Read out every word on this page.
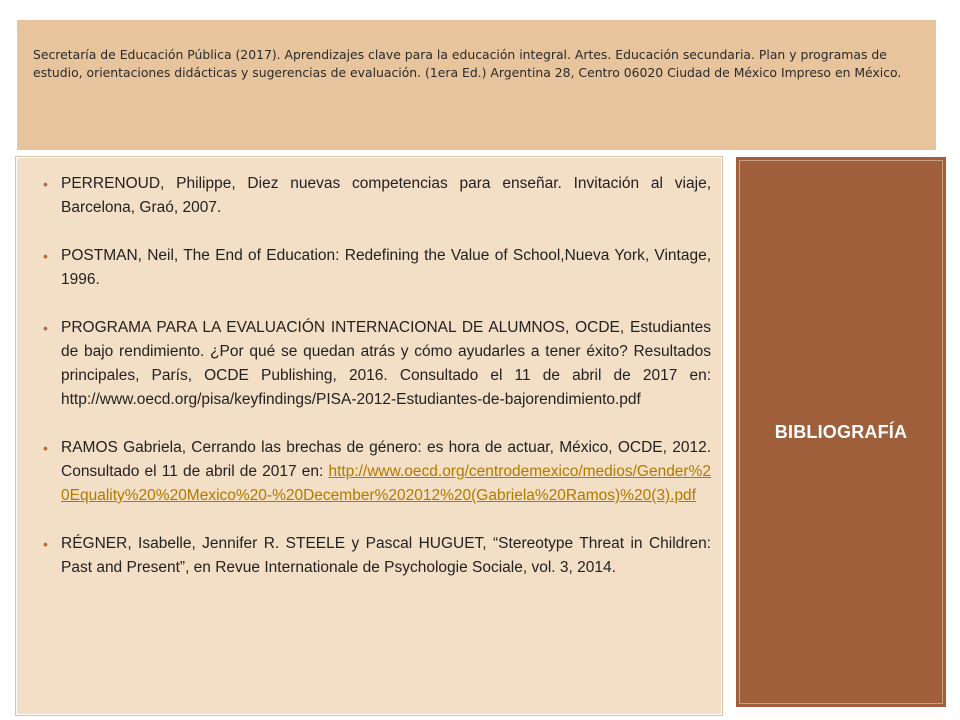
Secretaría de Educación Pública (2017). Aprendizajes clave para la educación integral. Artes. Educación secundaria. Plan y programas de estudio, orientaciones didácticas y sugerencias de evaluación. (1era Ed.) Argentina 28, Centro 06020 Ciudad de México Impreso en México.

• PERRENOUD, Philippe, Diez nuevas competencias para enseñar. Invitación al viaje, Barcelona, Graó, 2007.
• POSTMAN, Neil, The End of Education: Redefining the Value of School,Nueva York, Vintage, 1996.
• PROGRAMA PARA LA EVALUACIÓN INTERNACIONAL DE ALUMNOS, OCDE, Estudiantes de bajo rendimiento. ¿Por qué se quedan atrás y cómo ayudarles a tener éxito? Resultados principales, París, OCDE Publishing, 2016. Consultado el 11 de abril de 2017 en: http://www.oecd.org/pisa/keyfindings/PISA-2012-Estudiantes-de-bajorendimiento.pdf
• RAMOS Gabriela, Cerrando las brechas de género: es hora de actuar, México, OCDE, 2012. Consultado el 11 de abril de 2017 en: http://www.oecd.org/centrodemexico/medios/Gender%20Equality%20%20Mexico%20-%20December%202012%20(Gabriela%20Ramos)%20(3).pdf
• RÉGNER, Isabelle, Jennifer R. STEELE y Pascal HUGUET, “Stereotype Threat in Children: Past and Present”, en Revue Internationale de Psychologie Sociale, vol. 3, 2014.
BIBLIOGRAFÍA
